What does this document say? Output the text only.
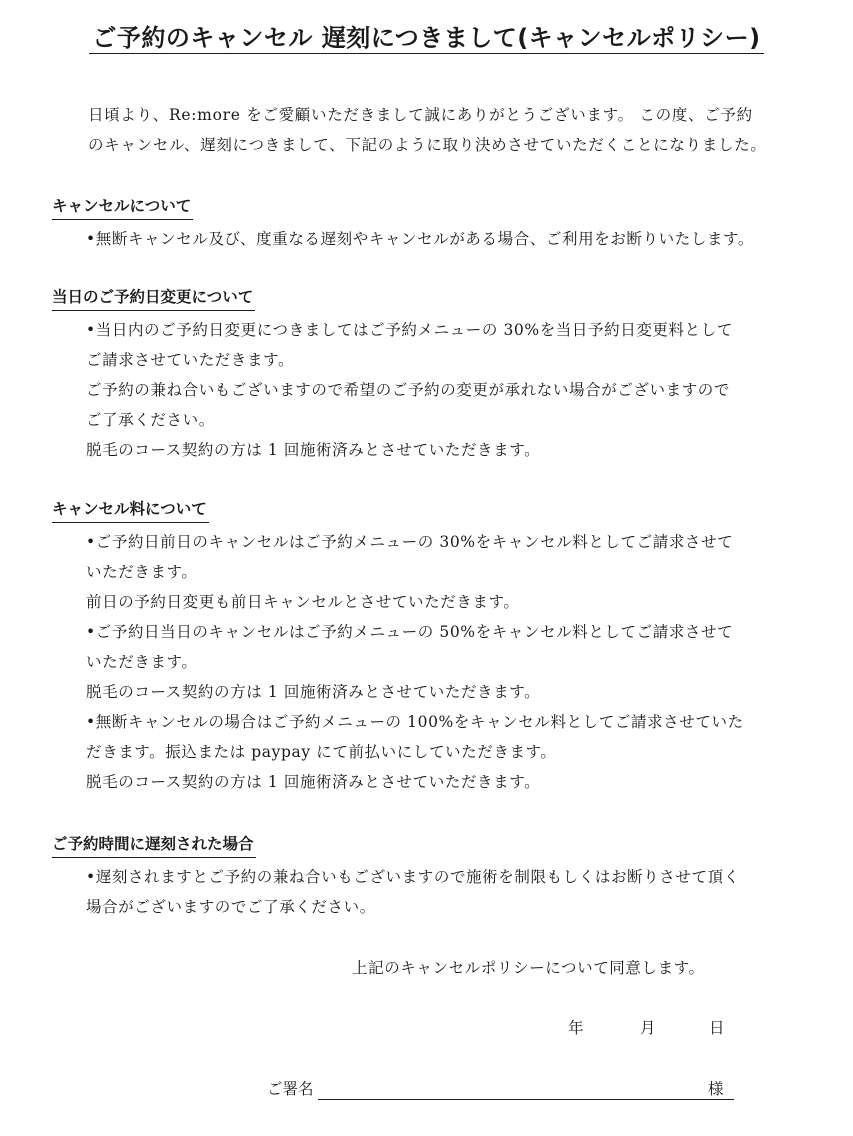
ご予約のキャンセル 遅刻につきまして(キャンセルポリシー)
日頃より、Re:more をご愛顧いただきまして誠にありがとうございます。 この度、ご予約
のキャンセル、遅刻につきまして、下記のように取り決めさせていただくことになりました。
キャンセルについて
•無断キャンセル及び、度重なる遅刻やキャンセルがある場合、ご利用をお断りいたします。
当日のご予約日変更について
•当日内のご予約日変更につきましてはご予約メニューの 30%を当日予約日変更料として
ご請求させていただきます。
ご予約の兼ね合いもございますので希望のご予約の変更が承れない場合がございますので
ご了承ください。
脱毛のコース契約の方は 1 回施術済みとさせていただきます。
キャンセル料について
•ご予約日前日のキャンセルはご予約メニューの 30%をキャンセル料としてご請求させて
いただきます。
前日の予約日変更も前日キャンセルとさせていただきます。
•ご予約日当日のキャンセルはご予約メニューの 50%をキャンセル料としてご請求させて
いただきます。
脱毛のコース契約の方は 1 回施術済みとさせていただきます。
•無断キャンセルの場合はご予約メニューの 100%をキャンセル料としてご請求させていた
だきます。振込または paypay にて前払いにしていただきます。
脱毛のコース契約の方は 1 回施術済みとさせていただきます。
ご予約時間に遅刻された場合
•遅刻されますとご予約の兼ね合いもございますので施術を制限もしくはお断りさせて頂く
場合がございますのでご了承ください。
上記のキャンセルポリシーについて同意します。
年	月	日
ご署名	様
